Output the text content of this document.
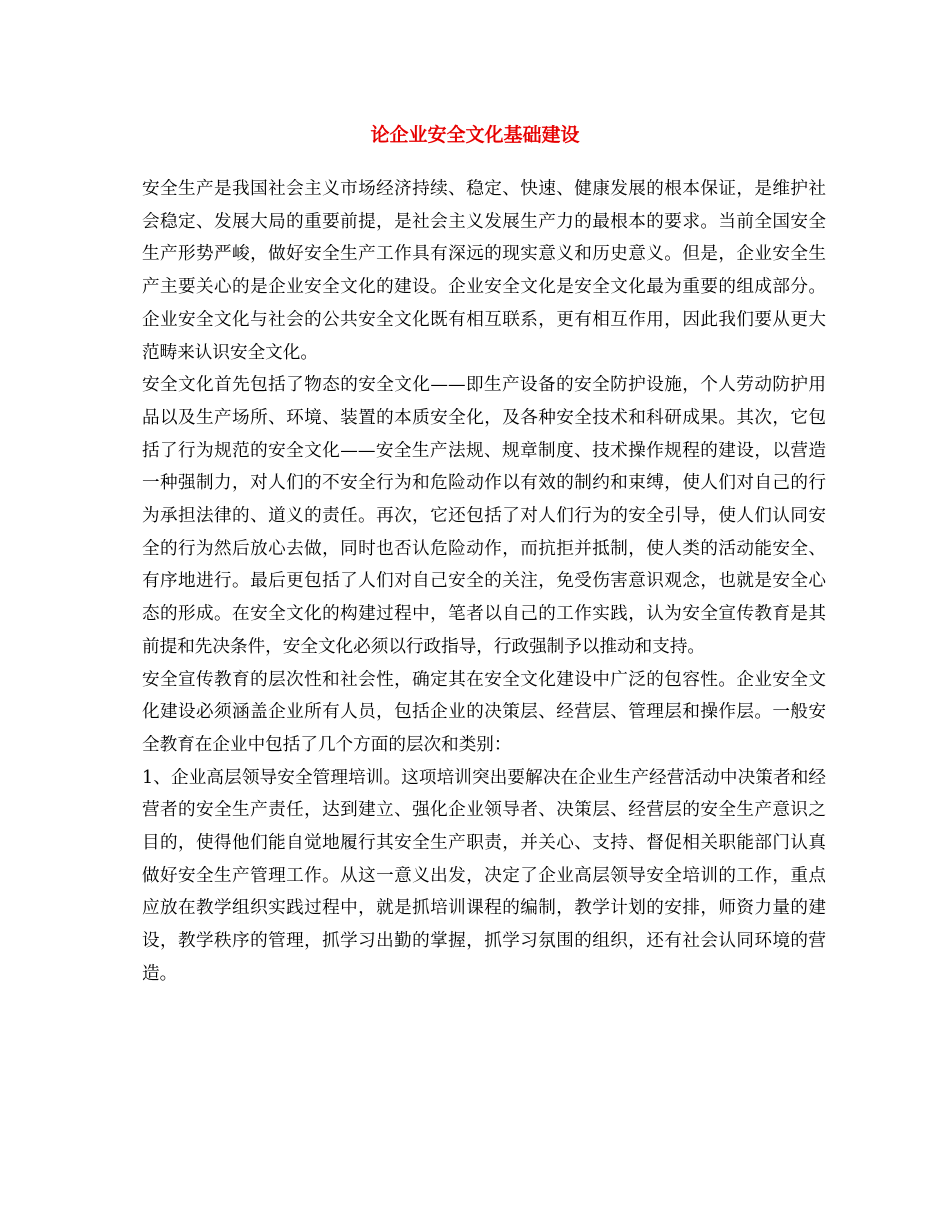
论企业安全文化基础建设

安全生产是我国社会主义市场经济持续、稳定、快速、健康发展的根本保证，是维护社会稳定、发展大局的重要前提，是社会主义发展生产力的最根本的要求。当前全国安全生产形势严峻，做好安全生产工作具有深远的现实意义和历史意义。但是，企业安全生产主要关心的是企业安全文化的建设。企业安全文化是安全文化最为重要的组成部分。企业安全文化与社会的公共安全文化既有相互联系，更有相互作用，因此我们要从更大范畴来认识安全文化。

安全文化首先包括了物态的安全文化——即生产设备的安全防护设施，个人劳动防护用品以及生产场所、环境、装置的本质安全化，及各种安全技术和科研成果。其次，它包括了行为规范的安全文化——安全生产法规、规章制度、技术操作规程的建设，以营造一种强制力，对人们的不安全行为和危险动作以有效的制约和束缚，使人们对自己的行为承担法律的、道义的责任。再次，它还包括了对人们行为的安全引导，使人们认同安全的行为然后放心去做，同时也否认危险动作，而抗拒并抵制，使人类的活动能安全、有序地进行。最后更包括了人们对自己安全的关注，免受伤害意识观念，也就是安全心态的形成。在安全文化的构建过程中，笔者以自己的工作实践，认为安全宣传教育是其前提和先决条件，安全文化必须以行政指导，行政强制予以推动和支持。

安全宣传教育的层次性和社会性，确定其在安全文化建设中广泛的包容性。企业安全文化建设必须涵盖企业所有人员，包括企业的决策层、经营层、管理层和操作层。一般安全教育在企业中包括了几个方面的层次和类别：

1、企业高层领导安全管理培训。这项培训突出要解决在企业生产经营活动中决策者和经营者的安全生产责任，达到建立、强化企业领导者、决策层、经营层的安全生产意识之目的，使得他们能自觉地履行其安全生产职责，并关心、支持、督促相关职能部门认真做好安全生产管理工作。从这一意义出发，决定了企业高层领导安全培训的工作，重点应放在教学组织实践过程中，就是抓培训课程的编制，教学计划的安排，师资力量的建设，教学秩序的管理，抓学习出勤的掌握，抓学习氛围的组织，还有社会认同环境的营造。
